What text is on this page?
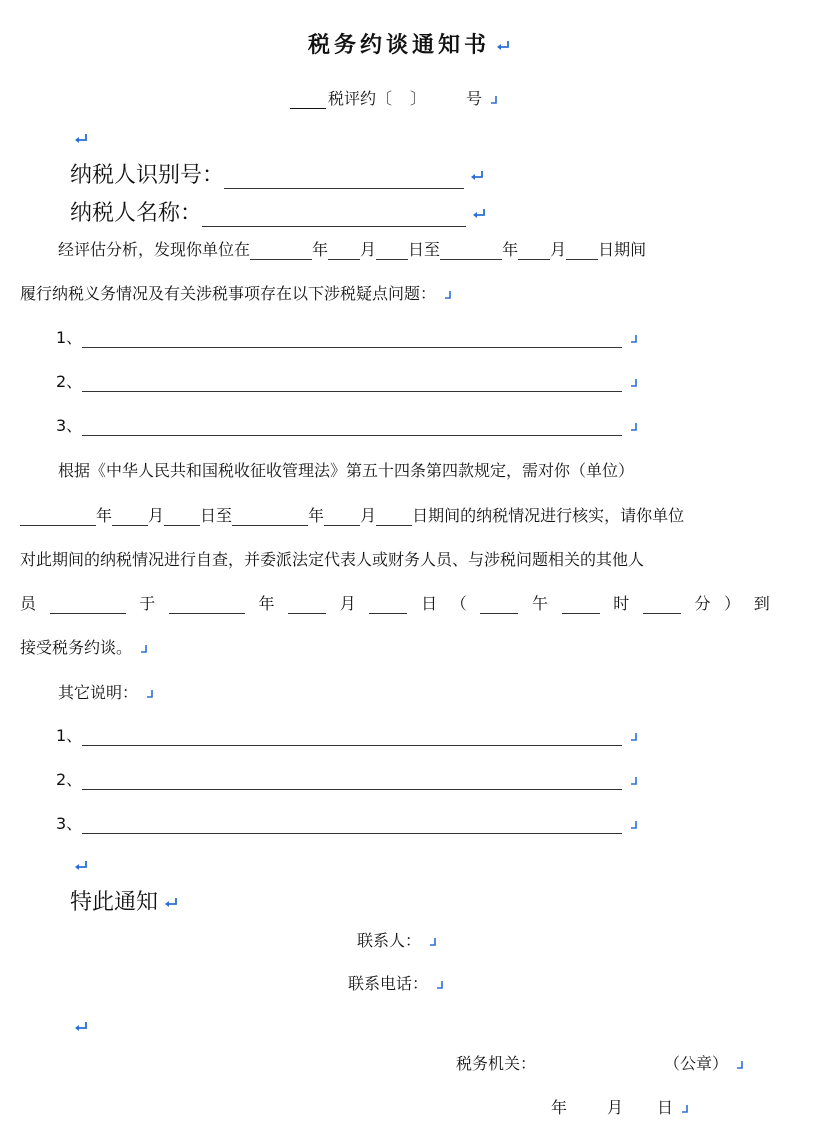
税务约谈通知书
税评约〔 〕	号
纳税人识别号：
纳税人名称：
经评估分析，发现你单位在	年 月 日至	年 月 日期间
履行纳税义务情况及有关涉税事项存在以下涉税疑点问题：
1、
2、
3、
根据《中华人民共和国税收征收管理法》第五十四条第四款规定，需对你（单位）
年 月 日至	年 月 日期间的纳税情况进行核实，请你单位
对此期间的纳税情况进行自查，并委派法定代表人或财务人员、与涉税问题相关的其他人
员	于	年	月	日 （	午	时	分 ） 到
接受税务约谈。
其它说明：
1、
2、
3、
特此通知
联系人：
联系电话：
税务机关：	（公章）
年	月 日
